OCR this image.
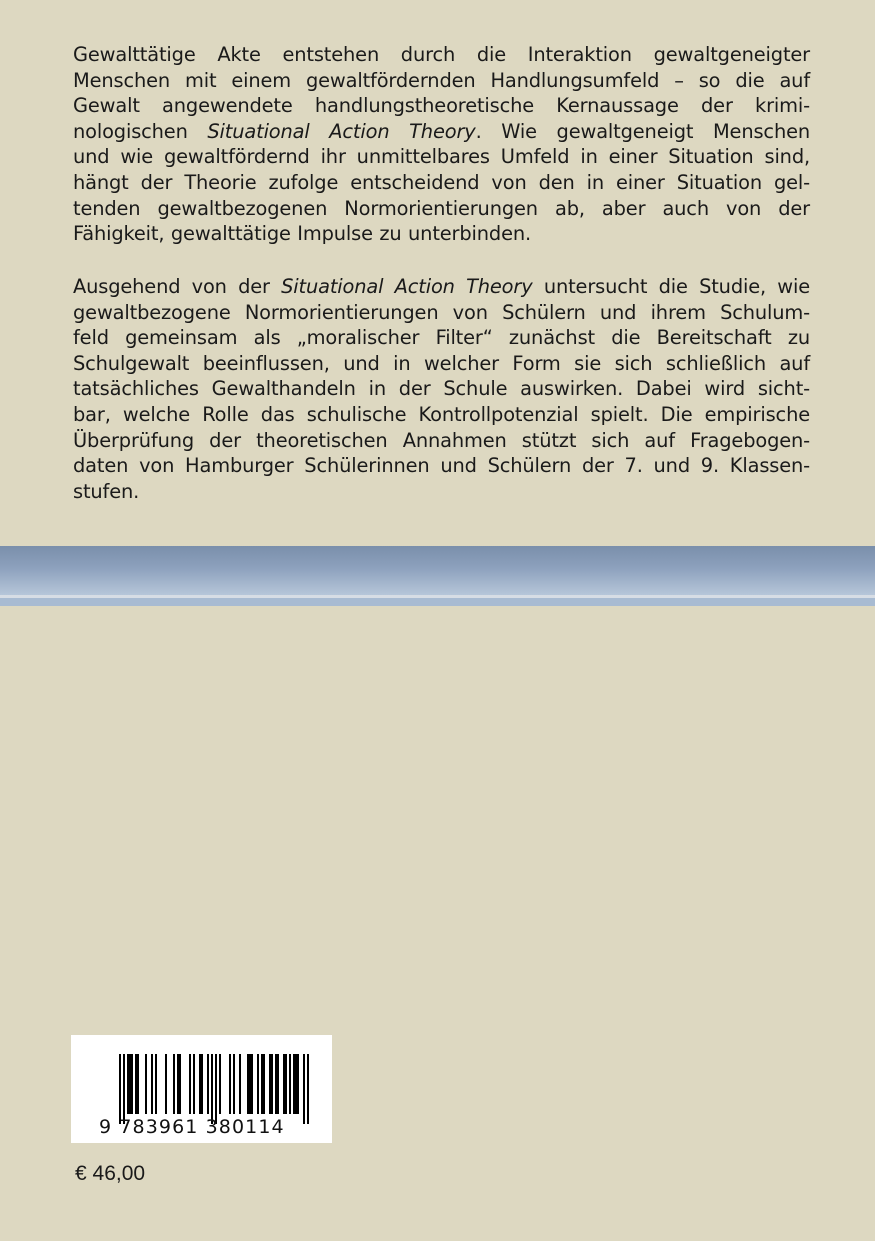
Gewalttätige Akte entstehen durch die Interaktion gewaltgeneigter
Menschen mit einem gewaltfördernden Handlungsumfeld – so die auf
Gewalt angewendete handlungstheoretische Kernaussage der krimi-
nologischen Situational Action Theory. Wie gewaltgeneigt Menschen
und wie gewaltfördernd ihr unmittelbares Umfeld in einer Situation sind,
hängt der Theorie zufolge entscheidend von den in einer Situation gel-
tenden gewaltbezogenen Normorientierungen ab, aber auch von der
Fähigkeit, gewalttätige Impulse zu unterbinden.
Ausgehend von der Situational Action Theory untersucht die Studie, wie
gewaltbezogene Normorientierungen von Schülern und ihrem Schulum-
feld gemeinsam als „moralischer Filter“ zunächst die Bereitschaft zu
Schulgewalt beeinflussen, und in welcher Form sie sich schließlich auf
tatsächliches Gewalthandeln in der Schule auswirken. Dabei wird sicht-
bar, welche Rolle das schulische Kontrollpotenzial spielt. Die empirische
Überprüfung der theoretischen Annahmen stützt sich auf Fragebogen-
daten von Hamburger Schülerinnen und Schülern der 7. und 9. Klassen-
stufen.
9 783961 380114
€ 46,00
